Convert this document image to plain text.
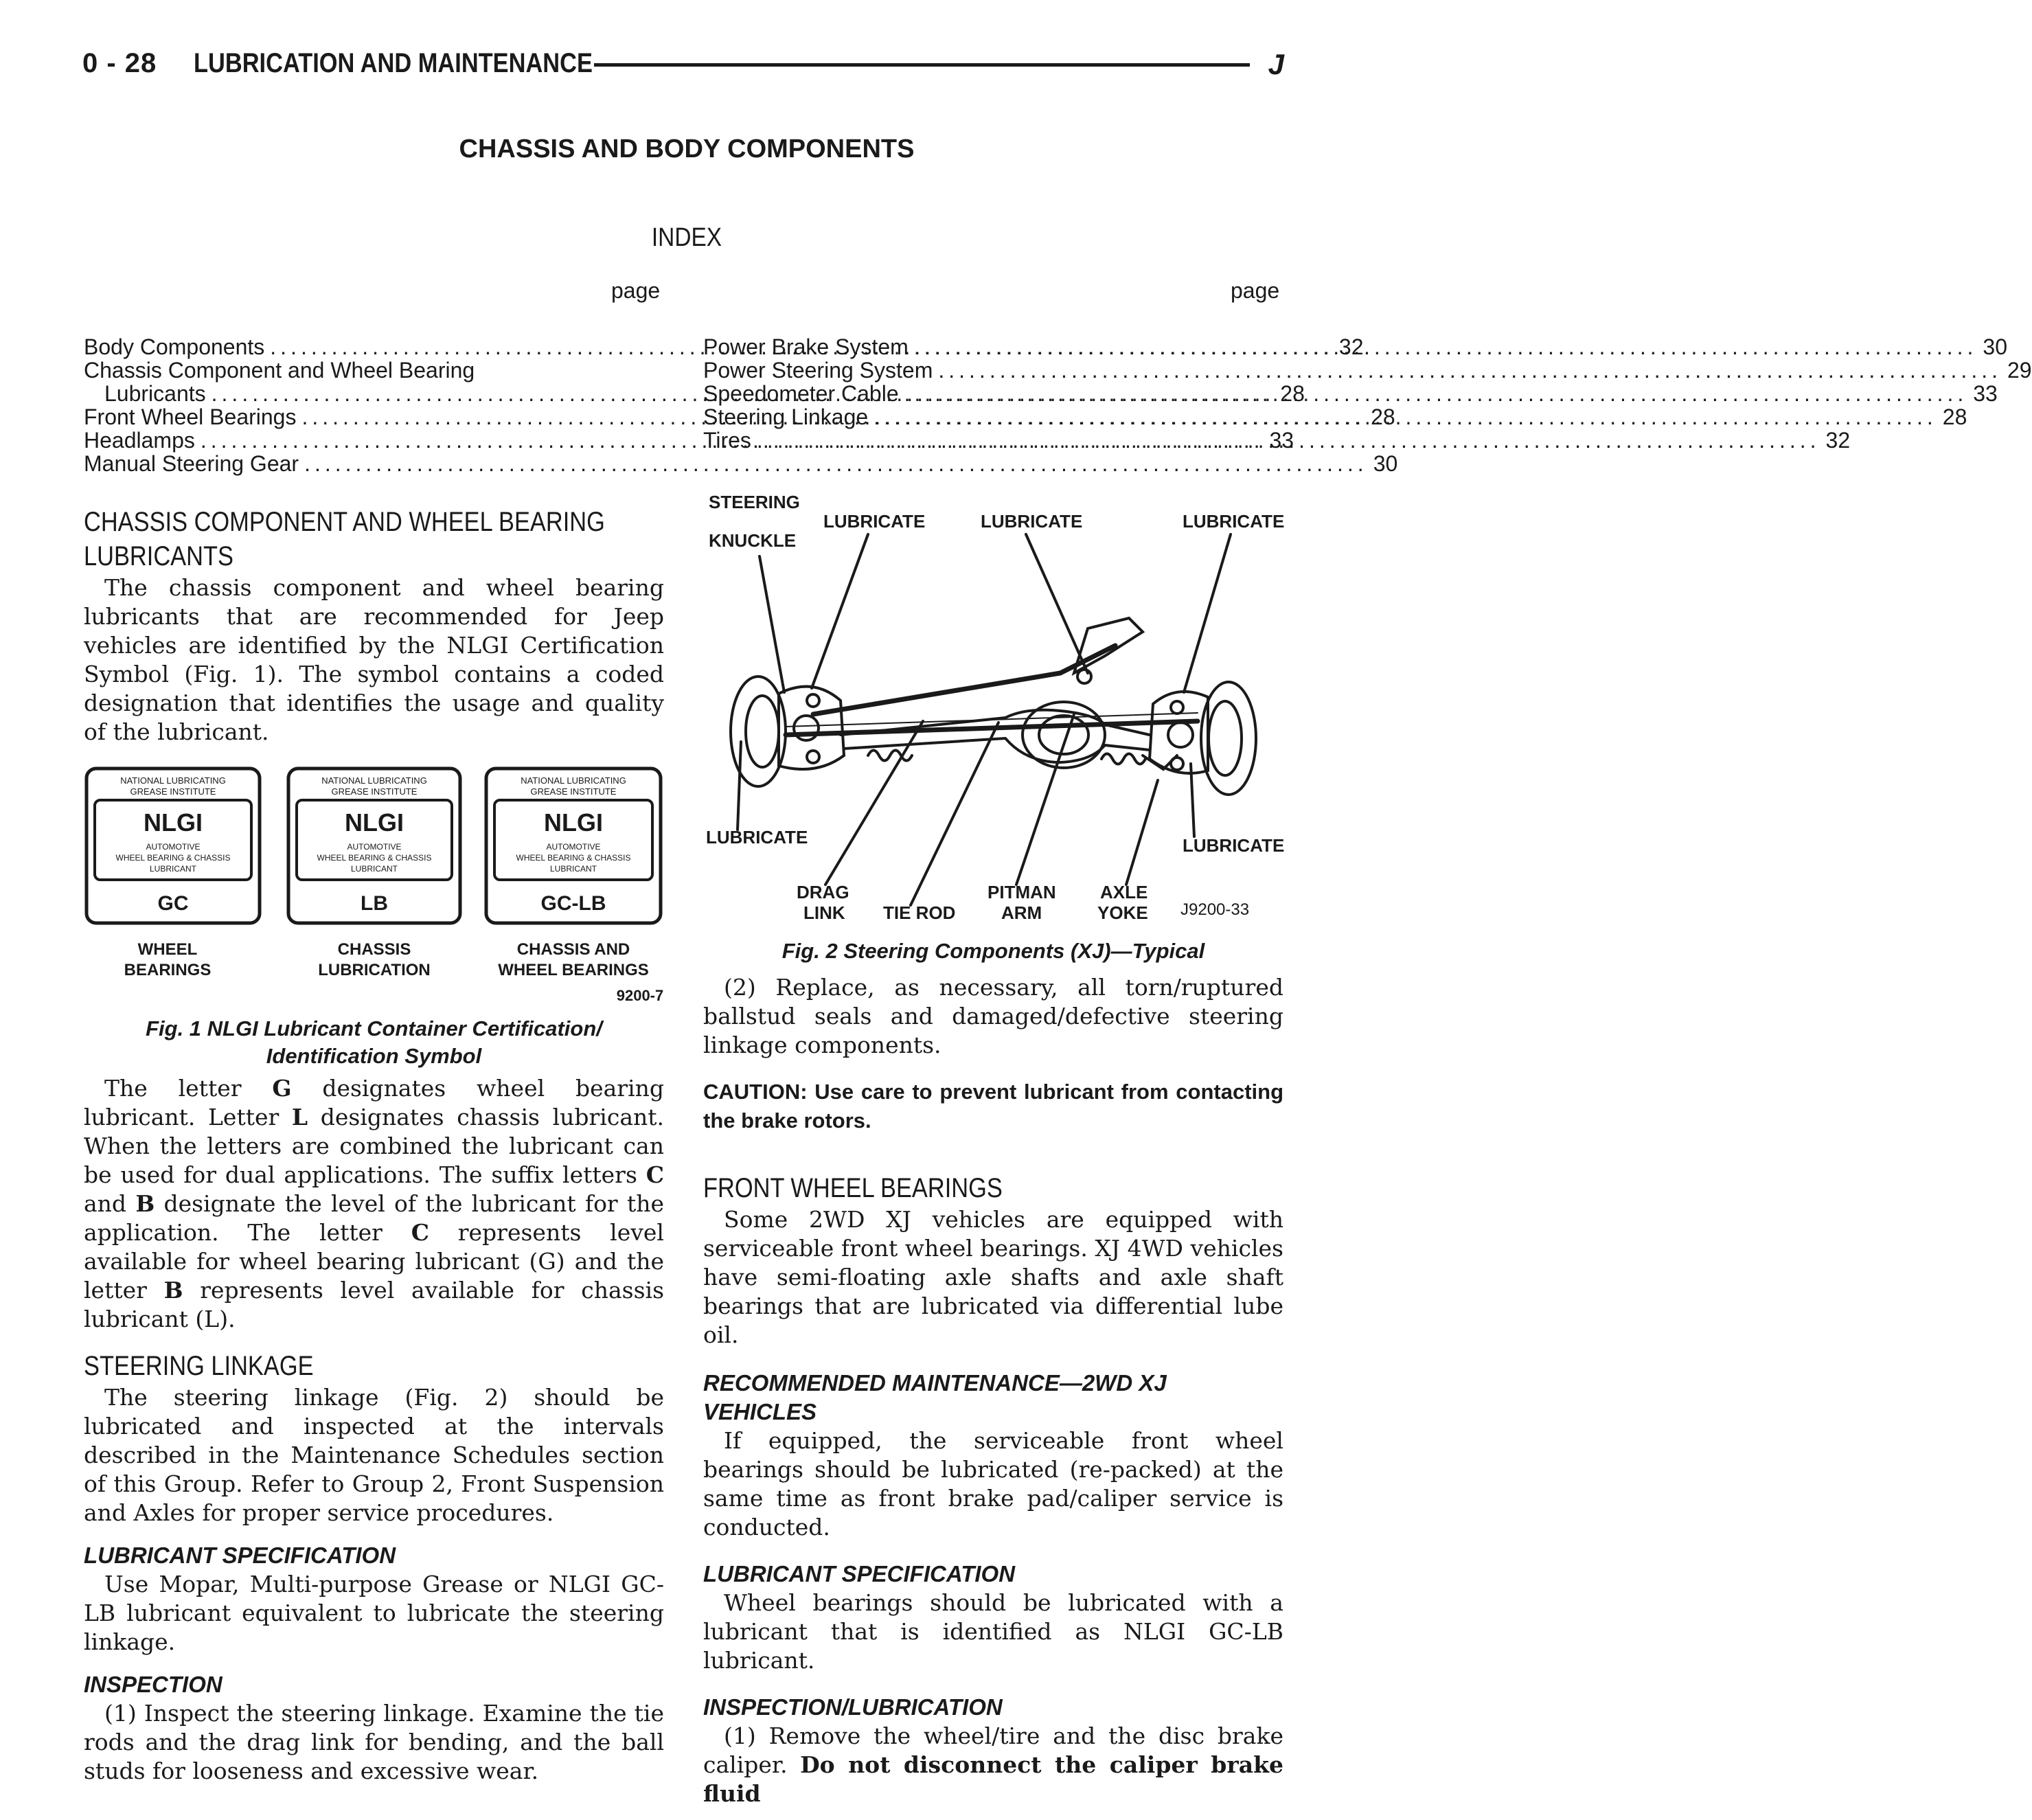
0 - 28 LUBRICATION AND MAINTENANCE	J
CHASSIS AND BODY COMPONENTS
INDEX
page	page
Body Components .....	32
Chassis Component and Wheel Bearing
Lubricants .....	28
Front Wheel Bearings .....	28
Headlamps .....	33
Manual Steering Gear .....	30
Power Brake System .....	30
Power Steering System .....	29
Speedometer Cable .....	33
Steering Linkage .....	28
Tires .....	32
CHASSIS COMPONENT AND WHEEL BEARING
LUBRICANTS

The chassis component and wheel bearing lubricants that are recommended for Jeep vehicles are identified by the NLGI Certification Symbol (Fig. 1). The symbol contains a coded designation that identifies the usage and quality of the lubricant.

NATIONAL LUBRICATING
GREASE INSTITUTE
NLGI
AUTOMOTIVE
WHEEL BEARING & CHASSIS
LUBRICANT
GC
NATIONAL LUBRICATING
GREASE INSTITUTE
NLGI
AUTOMOTIVE
WHEEL BEARING & CHASSIS
LUBRICANT
LB
NATIONAL LUBRICATING
GREASE INSTITUTE
NLGI
AUTOMOTIVE
WHEEL BEARING & CHASSIS
LUBRICANT
GC-LB
WHEEL
BEARINGS
CHASSIS
LUBRICATION
CHASSIS AND
WHEEL BEARINGS
9200-7
Fig. 1 NLGI Lubricant Container Certification/
Identification Symbol

The letter G designates wheel bearing lubricant. Letter L designates chassis lubricant. When the letters are combined the lubricant can be used for dual applications. The suffix letters C and B designate the level of the lubricant for the application. The letter C represents level available for wheel bearing lubricant (G) and the letter B represents level available for chassis lubricant (L).

STEERING LINKAGE

The steering linkage (Fig. 2) should be lubricated and inspected at the intervals described in the Maintenance Schedules section of this Group. Refer to Group 2, Front Suspension and Axles for proper service procedures.

LUBRICANT SPECIFICATION

Use Mopar, Multi-purpose Grease or NLGI GC-LB lubricant equivalent to lubricate the steering linkage.

INSPECTION

(1) Inspect the steering linkage. Examine the tie rods and the drag link for bending, and the ball studs for looseness and excessive wear.

STEERING
KNUCKLE
LUBRICATE	LUBRICATE	LUBRICATE
LUBRICATE	LUBRICATE
DRAG
LINK TIE ROD
PITMAN
ARM
AXLE
YOKE J9200-33
Fig. 2 Steering Components (XJ)—Typical

(2) Replace, as necessary, all torn/ruptured ballstud seals and damaged/defective steering linkage components.

CAUTION: Use care to prevent lubricant from contacting the brake rotors.
FRONT WHEEL BEARINGS

Some 2WD XJ vehicles are equipped with serviceable front wheel bearings. XJ 4WD vehicles have semi-floating axle shafts and axle shaft bearings that are lubricated via differential lube oil.

RECOMMENDED MAINTENANCE—2WD XJ VEHICLES

If equipped, the serviceable front wheel bearings should be lubricated (re-packed) at the same time as front brake pad/caliper service is conducted.

LUBRICANT SPECIFICATION

Wheel bearings should be lubricated with a lubricant that is identified as NLGI GC-LB lubricant.

INSPECTION/LUBRICATION

(1) Remove the wheel/tire and the disc brake caliper. Do not disconnect the caliper brake fluid
